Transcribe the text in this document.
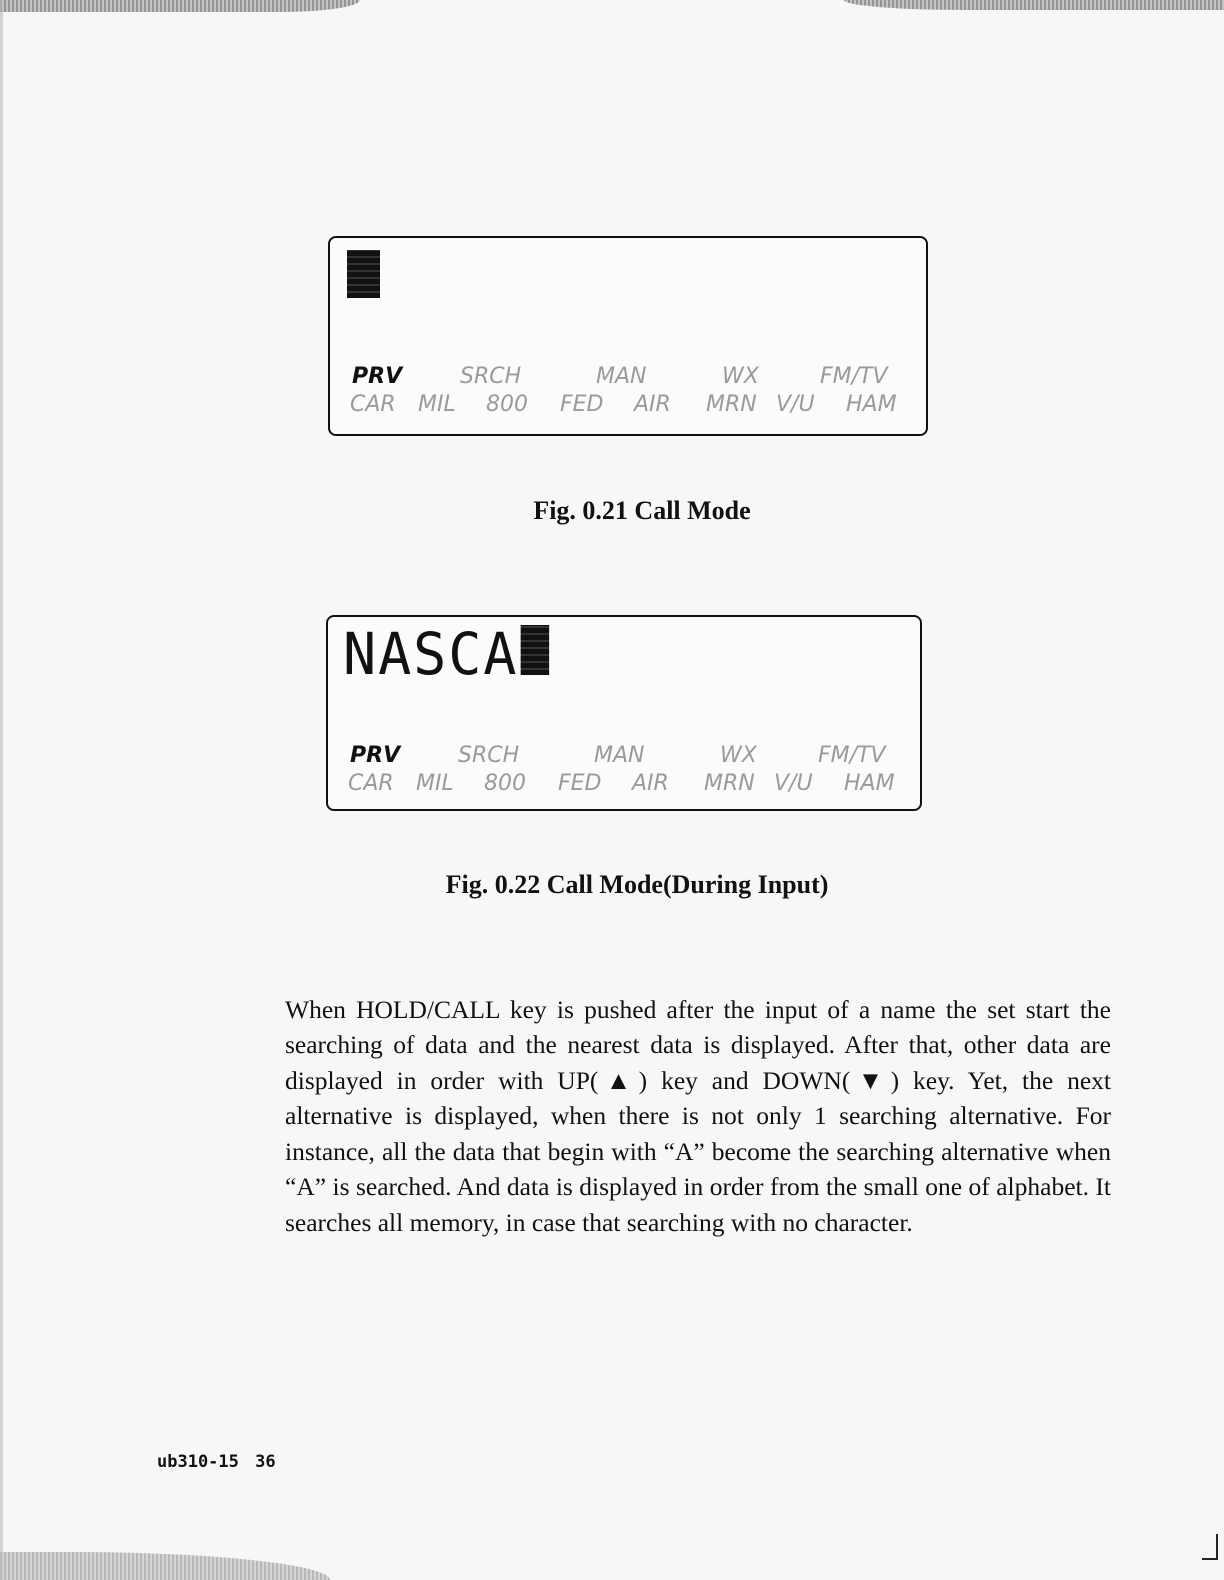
PRV	SRCH	MAN	WX	FM/TV
CAR MIL 800 FED AIR MRN V/U HAM
Fig. 0.21 Call Mode
NASCA
PRV	SRCH	MAN	WX	FM/TV
CAR MIL 800 FED AIR MRN V/U HAM
Fig. 0.22 Call Mode(During Input)

When HOLD/CALL key is pushed after the input of a name the set start the searching of data and the nearest data is displayed. After that, other data are displayed in order with UP(▲) key and DOWN(▼) key. Yet, the next alternative is displayed, when there is not only 1 searching alternative. For instance, all the data that begin with “A” become the searching alternative when “A” is searched. And data is displayed in order from the small one of alphabet. It searches all memory, in case that searching with no character.

ub310-15 36
